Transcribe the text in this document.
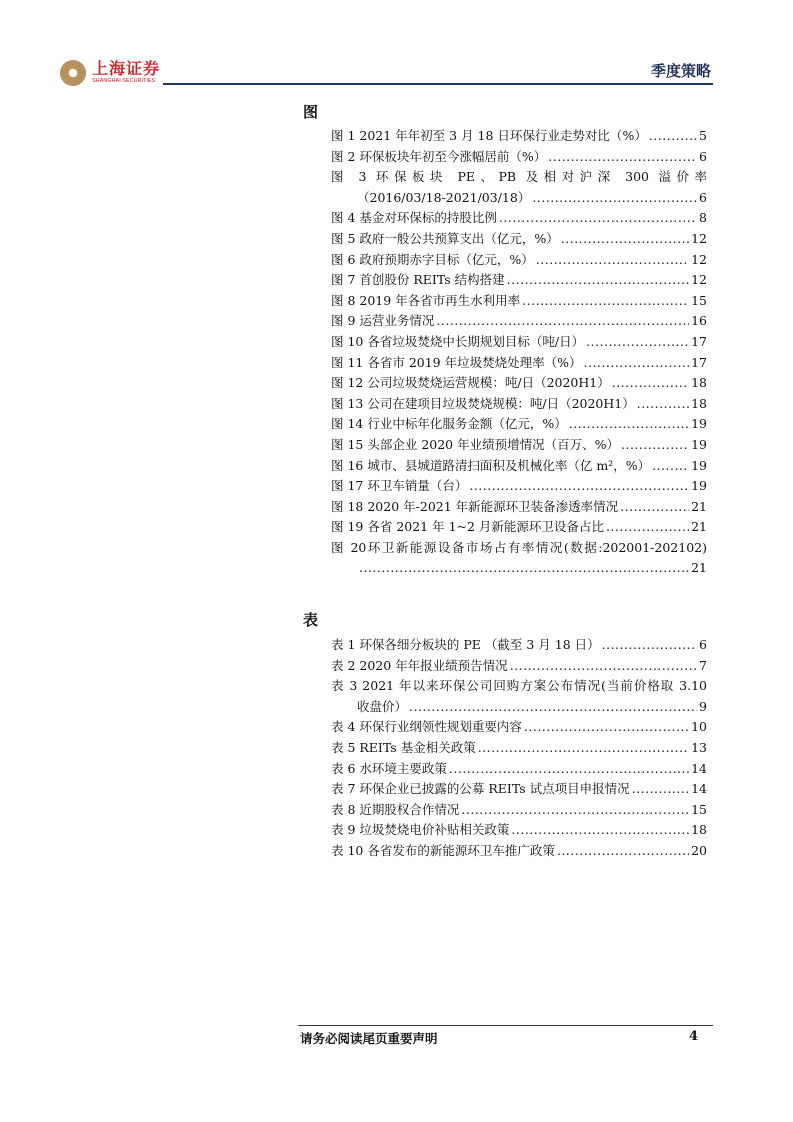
上海证券
SHANGHAI SECURITIES
季度策略
图
图 1 2021 年年初至 3 月 18 日环保行业走势对比（%） .....	5
图 2 环保板块年初至今涨幅居前（%） .....	6
图 3 环保板块 PE、PB 及相对沪深 300 溢价率
（2016/03/18-2021/03/18） .....	6
图 4 基金对环保标的持股比例 .....	8
图 5 政府一般公共预算支出（亿元，%） .....	12
图 6 政府预期赤字目标（亿元，%） .....	12
图 7 首创股份 REITs 结构搭建 .....	12
图 8 2019 年各省市再生水利用率 .....	15
图 9 运营业务情况 .....	16
图 10 各省垃圾焚烧中长期规划目标（吨/日） .....	17
图 11 各省市 2019 年垃圾焚烧处理率（%） .....	17
图 12 公司垃圾焚烧运营规模：吨/日（2020H1） .....	18
图 13 公司在建项目垃圾焚烧规模：吨/日（2020H1） .....	18
图 14 行业中标年化服务金额（亿元，%） .....	19
图 15 头部企业 2020 年业绩预增情况（百万、%） .....	19
图 16 城市、县城道路清扫面积及机械化率（亿 m²，%） .....	19
图 17 环卫车销量（台） .....	19
图 18 2020 年-2021 年新能源环卫装备渗透率情况 .....	21
图 19 各省 2021 年 1~2 月新能源环卫设备占比 .....	21
图 20环卫新能源设备市场占有率情况(数据:202001-202102)
.....
21
表
表 1 环保各细分板块的 PE （截至 3 月 18 日） .....	6
表 2 2020 年年报业绩预告情况 .....	7
表 3 2021 年以来环保公司回购方案公布情况(当前价格取 3.10
收盘价） .....	9
表 4 环保行业纲领性规划重要内容 .....	10
表 5 REITs 基金相关政策 .....	13
表 6 水环境主要政策 .....	14
表 7 环保企业已披露的公募 REITs 试点项目申报情况 .....	14
表 8 近期股权合作情况 .....	15
表 9 垃圾焚烧电价补贴相关政策 .....	18
表 10 各省发布的新能源环卫车推广政策 .....	20
请务必阅读尾页重要声明	4
